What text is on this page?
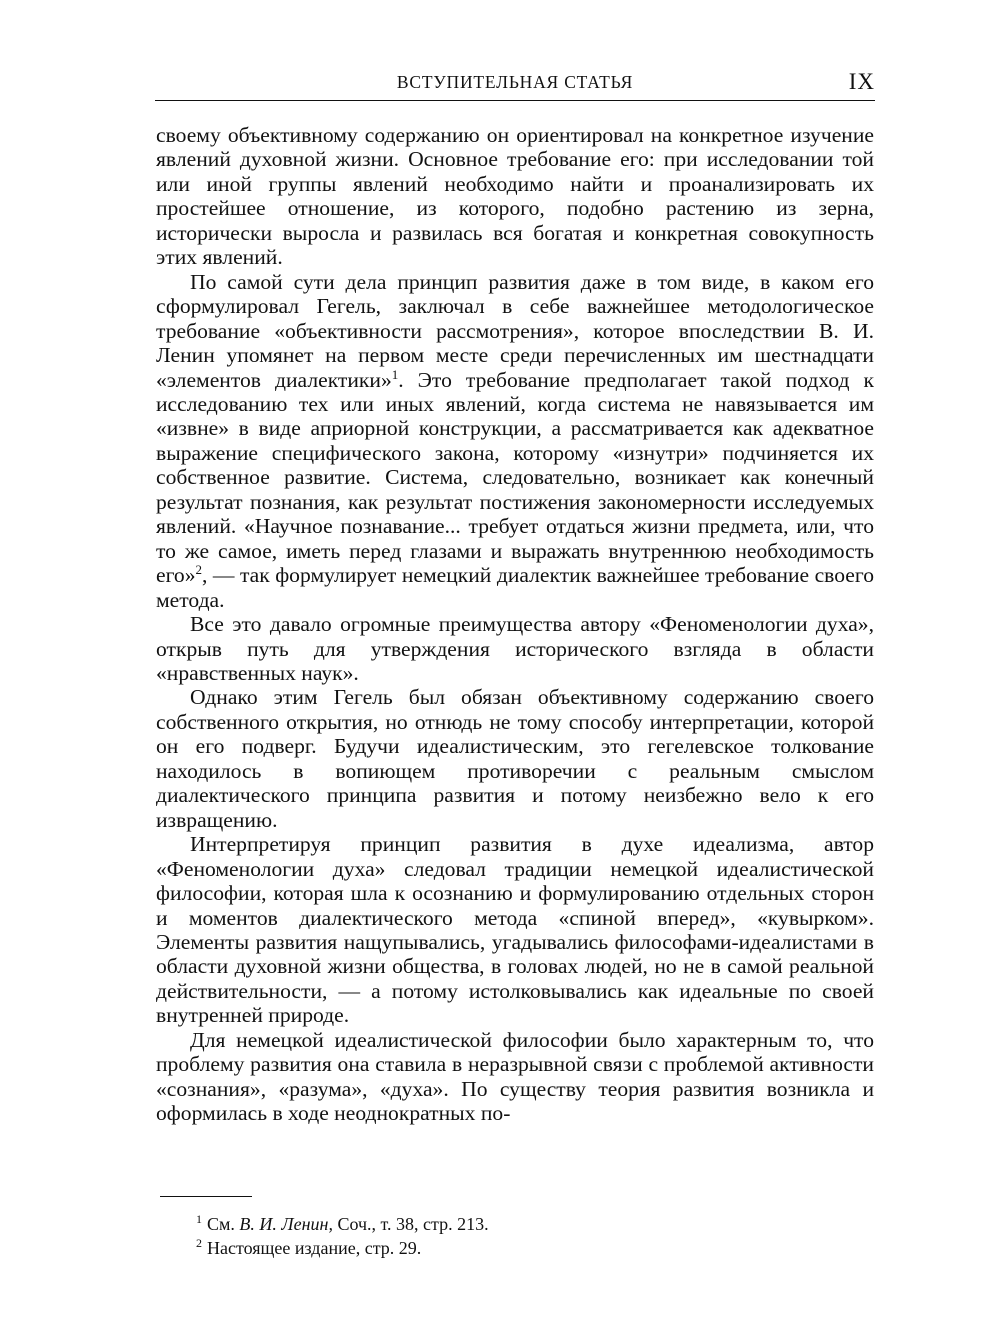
ВСТУПИТЕЛЬНАЯ СТАТЬЯ	IX

своему объективному содержанию он ориентировал на конкретное изучение явлений духовной жизни. Основное требование его: при исследовании той или иной группы явлений необходимо найти и проанализировать их простейшее отношение, из которого, подобно растению из зерна, исторически выросла и развилась вся богатая и конкретная совокупность этих явлений.

По самой сути дела принцип развития даже в том виде, в каком его сформулировал Гегель, заключал в себе важнейшее методологическое требование «объективности рассмотрения», которое впоследствии В. И. Ленин упомянет на первом месте среди перечисленных им шестнадцати «элементов диалектики»$^1$. Это требование предполагает такой подход к исследованию тех или иных явлений, когда система не навязывается им «извне» в виде априорной конструкции, а рассматривается как адекватное выражение специфического закона, которому «изнутри» подчиняется их собственное развитие. Система, следовательно, возникает как конечный результат познания, как результат постижения закономерности исследуемых явлений. «Научное познавание... требует отдаться жизни предмета, или, что то же самое, иметь перед глазами и выражать внутреннюю необходимость его»$^2$, — так формулирует немецкий диалектик важнейшее требование своего метода.

Все это давало огромные преимущества автору «Феноменологии духа», открыв путь для утверждения исторического взгляда в области «нравственных наук».

Однако этим Гегель был обязан объективному содержанию своего собственного открытия, но отнюдь не тому способу интерпретации, которой он его подверг. Будучи идеалистическим, это гегелевское толкование находилось в вопиющем противоречии с реальным смыслом диалектического принципа развития и потому неизбежно вело к его извращению.

Интерпретируя принцип развития в духе идеализма, автор «Феноменологии духа» следовал традиции немецкой идеалистической философии, которая шла к осознанию и формулированию отдельных сторон и моментов диалектического метода «спиной вперед», «кувырком». Элементы развития нащупывались, угадывались философами-идеалистами в области духовной жизни общества, в головах людей, но не в самой реальной действительности, — а потому истолковывались как идеальные по своей внутренней природе.

Для немецкой идеалистической философии было характерным то, что проблему развития она ставила в неразрывной связи с проблемой активности «сознания», «разума», «духа». По существу теория развития возникла и оформилась в ходе неоднократных по-

$^1$ См. В. И. Ленин, Соч., т. 38, стр. 213.
$^2$ Настоящее издание, стр. 29.
